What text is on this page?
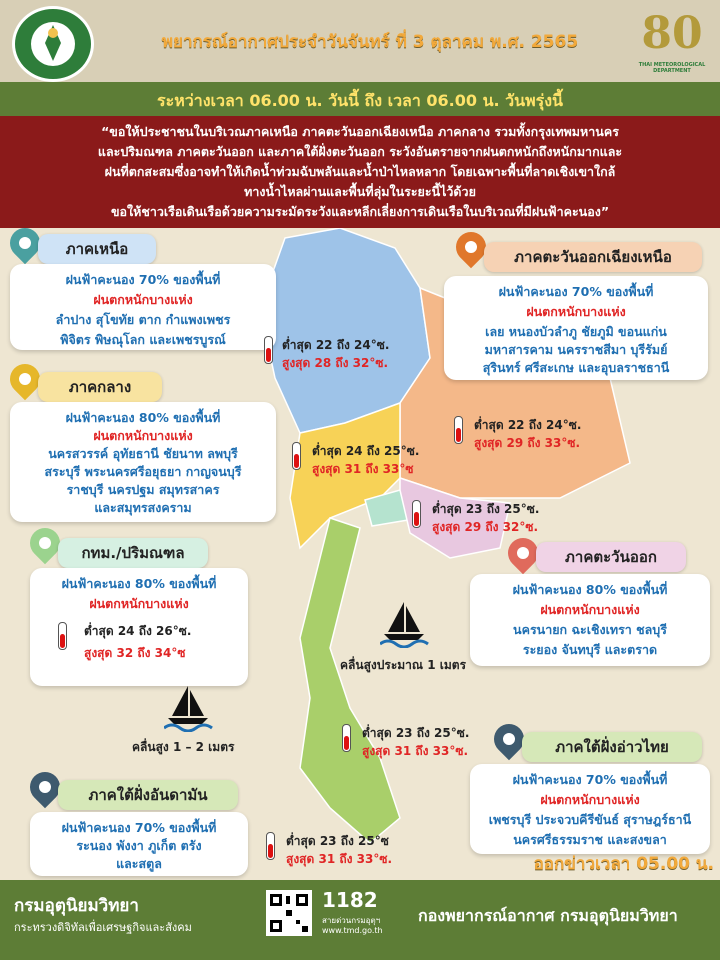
พยากรณ์อากาศประจำวันจันทร์ ที่ 3 ตุลาคม พ.ศ. 2565	80
THAI METEOROLOGICAL DEPARTMENT
ระหว่างเวลา 06.00 น. วันนี้ ถึง เวลา 06.00 น. วันพรุ่งนี้
“ขอให้ประชาชนในบริเวณภาคเหนือ ภาคตะวันออกเฉียงเหนือ ภาคกลาง รวมทั้งกรุงเทพมหานคร
และปริมณฑล ภาคตะวันออก และภาคใต้ฝั่งตะวันออก ระวังอันตรายจากฝนตกหนักถึงหนักมากและ
ฝนที่ตกสะสมซึ่งอาจทำให้เกิดน้ำท่วมฉับพลันและน้ำป่าไหลหลาก โดยเฉพาะพื้นที่ลาดเชิงเขาใกล้
ทางน้ำไหลผ่านและพื้นที่ลุ่มในระยะนี้ไว้ด้วย
ขอให้ชาวเรือเดินเรือด้วยความระมัดระวังและหลีกเลี่ยงการเดินเรือในบริเวณที่มีฝนฟ้าคะนอง”
ภาคเหนือ
ฝนฟ้าคะนอง 70% ของพื้นที่
ฝนตกหนักบางแห่ง
ลำปาง สุโขทัย ตาก กำแพงเพชร
พิจิตร พิษณุโลก และเพชรบูรณ์	ต่ำสุด 22 ถึง 24°ซ.
สูงสุด 28 ถึง 32°ซ.
ภาคตะวันออกเฉียงเหนือ
ฝนฟ้าคะนอง 70% ของพื้นที่
ฝนตกหนักบางแห่ง
เลย หนองบัวลำภู ชัยภูมิ ขอนแก่น
มหาสารคาม นครราชสีมา บุรีรัมย์
สุรินทร์ ศรีสะเกษ และอุบลราชธานี
ต่ำสุด 22 ถึง 24°ซ.
สูงสุด 29 ถึง 33°ซ.
ภาคกลาง
ฝนฟ้าคะนอง 80% ของพื้นที่
ฝนตกหนักบางแห่ง
นครสวรรค์ อุทัยธานี ชัยนาท ลพบุรี
สระบุรี พระนครศรีอยุธยา กาญจนบุรี
ราชบุรี นครปฐม สมุทรสาคร
และสมุทรสงคราม
ต่ำสุด 24 ถึง 25°ซ.
สูงสุด 31 ถึง 33°ซ
ต่ำสุด 23 ถึง 25°ซ.
สูงสุด 29 ถึง 32°ซ.
กทม./ปริมณฑล
ฝนฟ้าคะนอง 80% ของพื้นที่
ฝนตกหนักบางแห่ง
ต่ำสุด 24 ถึง 26°ซ.
สูงสุด 32 ถึง 34°ซ
ภาคตะวันออก
ฝนฟ้าคะนอง 80% ของพื้นที่
ฝนตกหนักบางแห่ง
นครนายก ฉะเชิงเทรา ชลบุรี
ระยอง จันทบุรี และตราด
คลื่นสูงประมาณ 1 เมตร
คลื่นสูง 1 – 2 เมตร
ต่ำสุด 23 ถึง 25°ซ.
สูงสุด 31 ถึง 33°ซ.	ภาคใต้ฝั่งอ่าวไทย
ฝนฟ้าคะนอง 70% ของพื้นที่
ฝนตกหนักบางแห่ง
เพชรบุรี ประจวบคีรีขันธ์ สุราษฎร์ธานี
นครศรีธรรมราช และสงขลา
ภาคใต้ฝั่งอันดามัน
ฝนฟ้าคะนอง 70% ของพื้นที่
ระนอง พังงา ภูเก็ต ตรัง
และสตูล
ต่ำสุด 23 ถึง 25°ซ
สูงสุด 31 ถึง 33°ซ.	ออกข่าวเวลา 05.00 น.
กรมอุตุนิยมวิทยา
กระทรวงดิจิทัลเพื่อเศรษฐกิจและสังคม
1182
สายด่วนกรมอุตุฯ
www.tmd.go.th
กองพยากรณ์อากาศ กรมอุตุนิยมวิทยา
